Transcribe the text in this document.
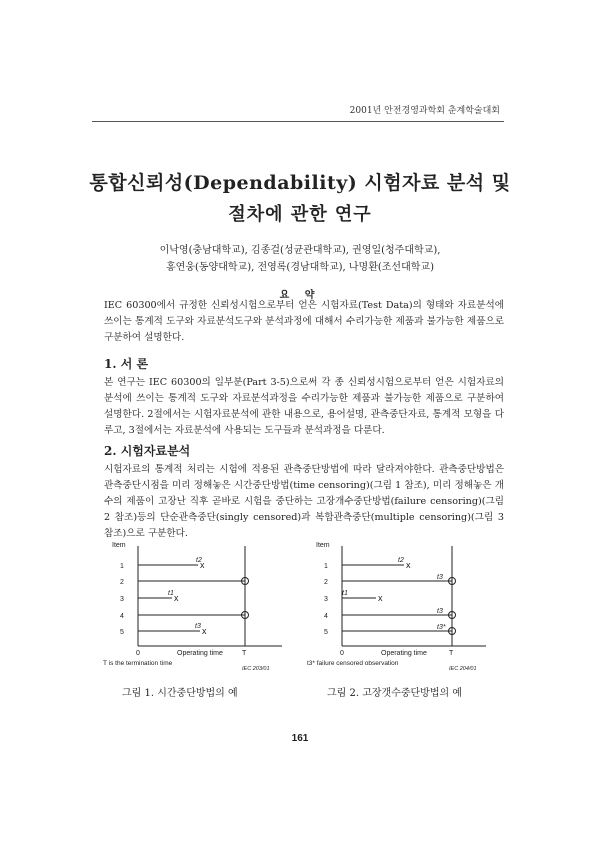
2001년 안전경영과학회 춘계학술대회
통합신뢰성(Dependability) 시험자료 분석 및
절차에 관한 연구
이낙영(충남대학교), 김종걸(성균관대학교), 권영일(청주대학교),
홍연웅(동양대학교), 전영록(경남대학교), 나명환(조선대학교)
요 약
IEC 60300에서 규정한 신뢰성시험으로부터 얻은 시험자료(Test Data)의 형태와 자료분석에 쓰이는 통계적 도구와 자료분석도구와 분석과정에 대해서 수리가능한 제품과 불가능한 제품으로 구분하여 설명한다.
1. 서 론
본 연구는 IEC 60300의 일부분(Part 3-5)으로써 각 종 신뢰성시험으로부터 얻은 시험자료의 분석에 쓰이는 통계적 도구와 자료분석과정을 수리가능한 제품과 불가능한 제품으로 구분하여 설명한다. 2절에서는 시험자료분석에 관한 내용으로, 용어설명, 관측중단자료, 통계적 모형을 다루고, 3절에서는 자료분석에 사용되는 도구들과 분석과정을 다룬다.
2. 시험자료분석
시험자료의 통계적 처리는 시험에 적용된 관측중단방법에 따라 달라져야한다. 관측중단방법은 관측중단시점을 미리 정해놓은 시간중단방법(time censoring)(그림 1 참조), 미리 정해놓은 개수의 제품이 고장난 직후 곧바로 시험을 중단하는 고장개수중단방법(failure censoring)(그림 2 참조)등의 단순관측중단(singly censored)과 복합관측중단(multiple censoring)(그림 3 참조)으로 구분한다.
Item
1
2
3
4
5
0	T
Operating time
t2
t1
t3
T is the termination time
IEC 203/01
x
x
x
그림 1. 시간중단방법의 예
Item
1
2
3
4
5
0	T
Operating time
t2
t3
t1
t3
t3*
t3* failure censored observation
IEC 204/01
x
x
그림 2. 고장갯수중단방법의 예
161
